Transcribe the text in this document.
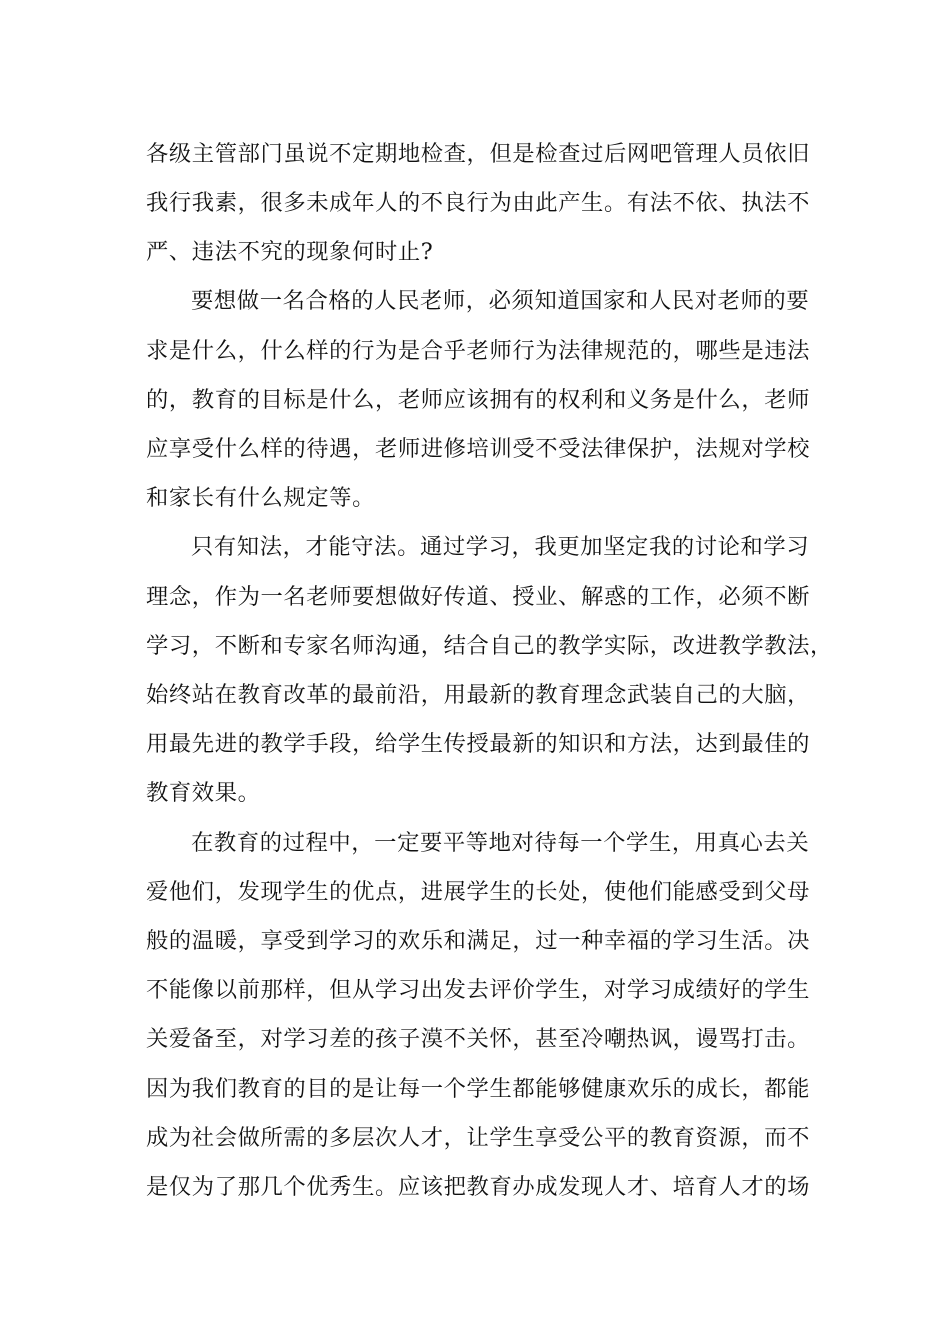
各级主管部门虽说不定期地检查，但是检查过后网吧管理人员依旧
我行我素，很多未成年人的不良行为由此产生。有法不依、执法不
严、违法不究的现象何时止?
要想做一名合格的人民老师，必须知道国家和人民对老师的要
求是什么，什么样的行为是合乎老师行为法律规范的，哪些是违法
的，教育的目标是什么，老师应该拥有的权利和义务是什么，老师
应享受什么样的待遇，老师进修培训受不受法律保护，法规对学校
和家长有什么规定等。
只有知法，才能守法。通过学习，我更加坚定我的讨论和学习
理念，作为一名老师要想做好传道、授业、解惑的工作，必须不断
学习，不断和专家名师沟通，结合自己的教学实际，改进教学教法，
始终站在教育改革的最前沿，用最新的教育理念武装自己的大脑，
用最先进的教学手段，给学生传授最新的知识和方法，达到最佳的
教育效果。
在教育的过程中，一定要平等地对待每一个学生，用真心去关
爱他们，发现学生的优点，进展学生的长处，使他们能感受到父母
般的温暖，享受到学习的欢乐和满足，过一种幸福的学习生活。决
不能像以前那样，但从学习出发去评价学生，对学习成绩好的学生
关爱备至，对学习差的孩子漠不关怀，甚至冷嘲热讽，谩骂打击。
因为我们教育的目的是让每一个学生都能够健康欢乐的成长，都能
成为社会做所需的多层次人才，让学生享受公平的教育资源，而不
是仅为了那几个优秀生。应该把教育办成发现人才、培育人才的场
